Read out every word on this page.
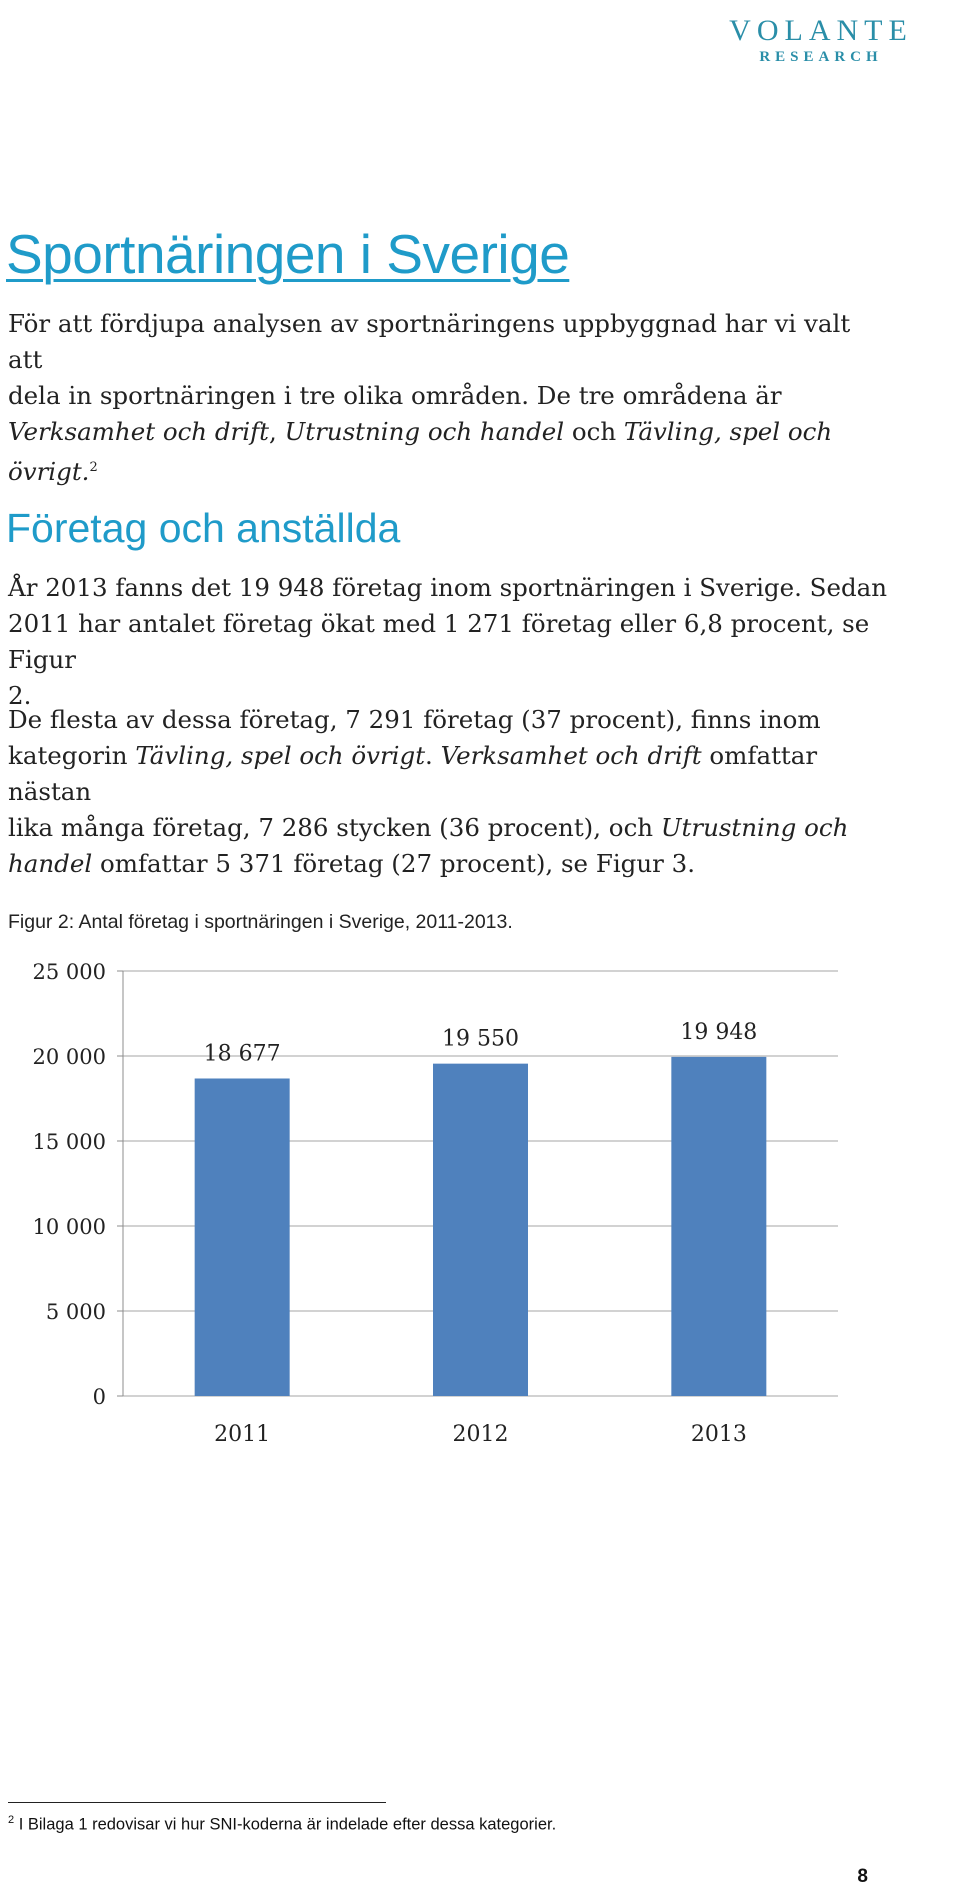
VOLANTE
RESEARCH
Sportnäringen i Sverige
För att fördjupa analysen av sportnäringens uppbyggnad har vi valt att
dela in sportnäringen i tre olika områden. De tre områdena är
Verksamhet och drift, Utrustning och handel och Tävling, spel och
övrigt.$^2$
Företag och anställda
År 2013 fanns det 19 948 företag inom sportnäringen i Sverige. Sedan
2011 har antalet företag ökat med 1 271 företag eller 6,8 procent, se Figur
2.
De flesta av dessa företag, 7 291 företag (37 procent), finns inom
kategorin Tävling, spel och övrigt. Verksamhet och drift omfattar nästan
lika många företag, 7 286 stycken (36 procent), och Utrustning och
handel omfattar 5 371 företag (27 procent), se Figur 3.
Figur 2: Antal företag i sportnäringen i Sverige, 2011-2013.
0
5 000
10 000
15 000
20 000
25 000
18 677
2011
19 550
2012
19 948
2013
$^2$ I Bilaga 1 redovisar vi hur SNI-koderna är indelade efter dessa kategorier.
8
